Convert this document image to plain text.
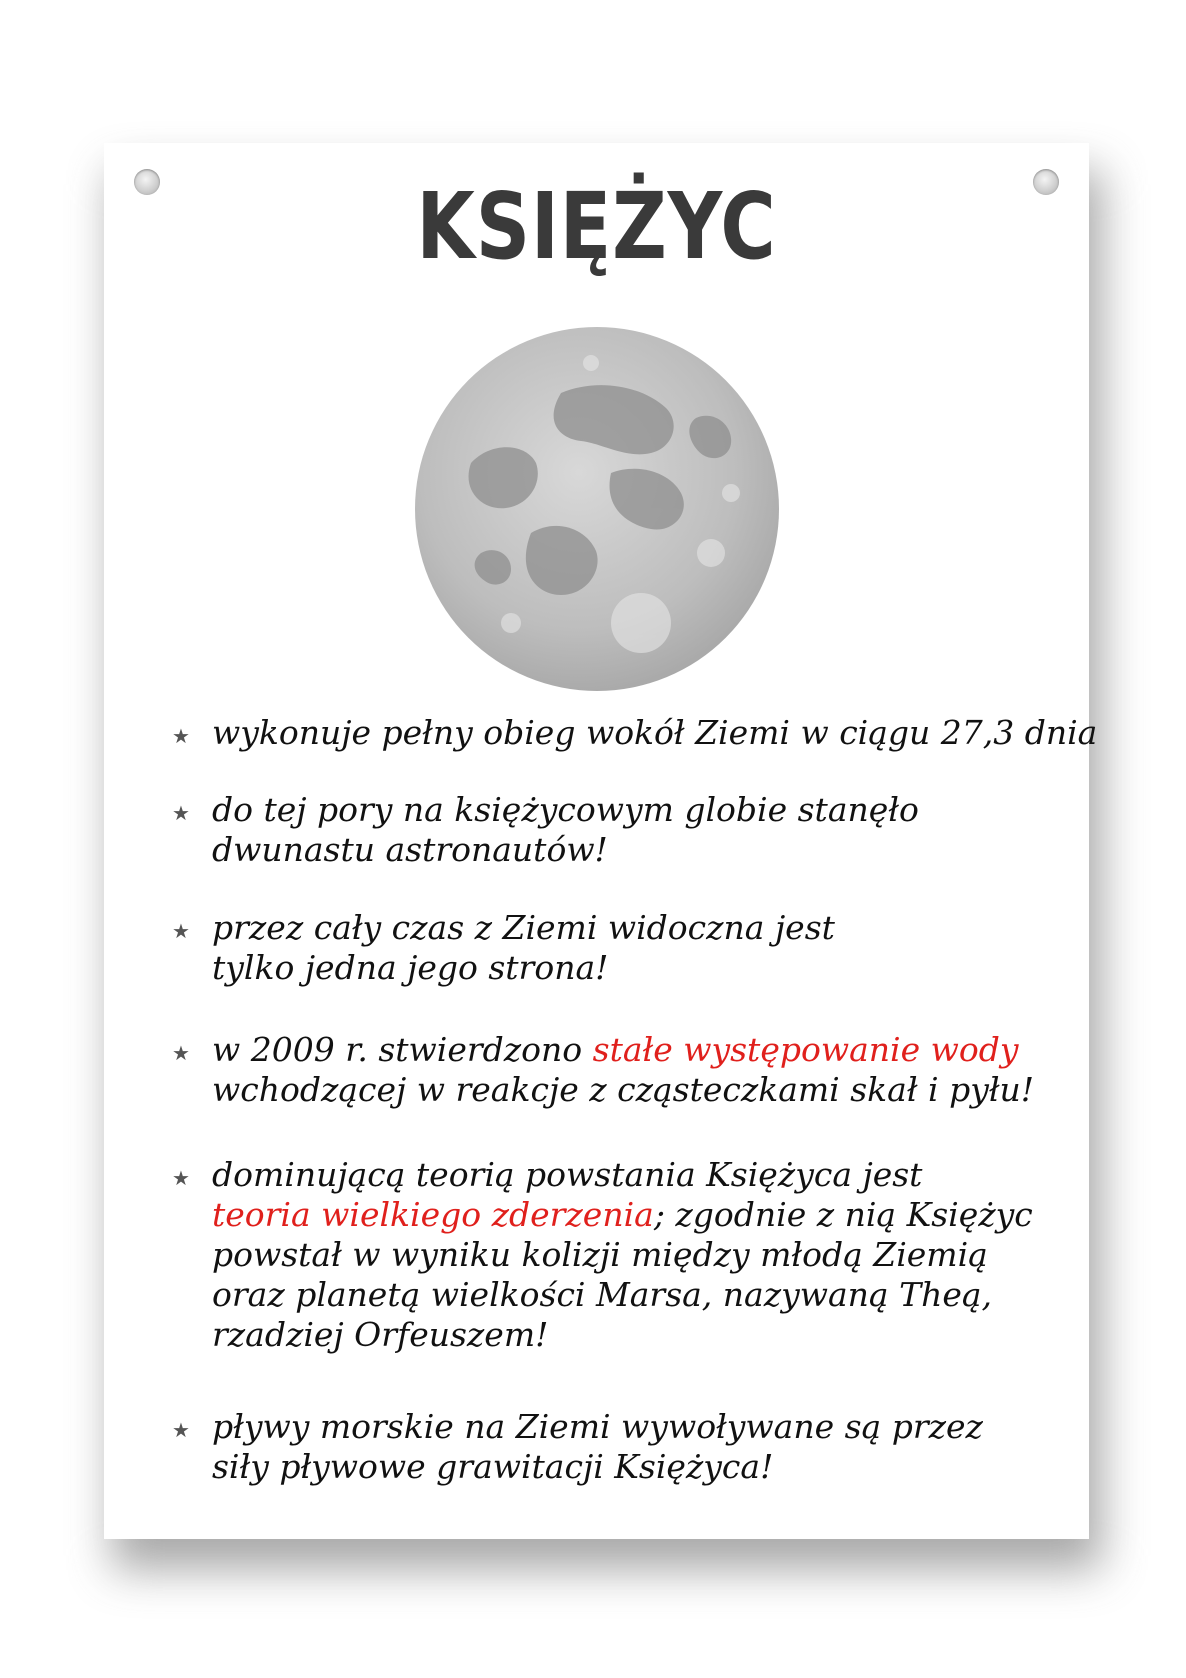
KSIĘŻYC
★ wykonuje pełny obieg wokół Ziemi w ciągu 27,3 dnia
★ do tej pory na księżycowym globie stanęło
dwunastu astronautów!
★ przez cały czas z Ziemi widoczna jest
tylko jedna jego strona!
★ w 2009 r. stwierdzono stałe występowanie wody
wchodzącej w reakcje z cząsteczkami skał i pyłu!
★ dominującą teorią powstania Księżyca jest
teoria wielkiego zderzenia; zgodnie z nią Księżyc
powstał w wyniku kolizji między młodą Ziemią
oraz planetą wielkości Marsa, nazywaną Theą,
rzadziej Orfeuszem!
★ pływy morskie na Ziemi wywoływane są przez
siły pływowe grawitacji Księżyca!
